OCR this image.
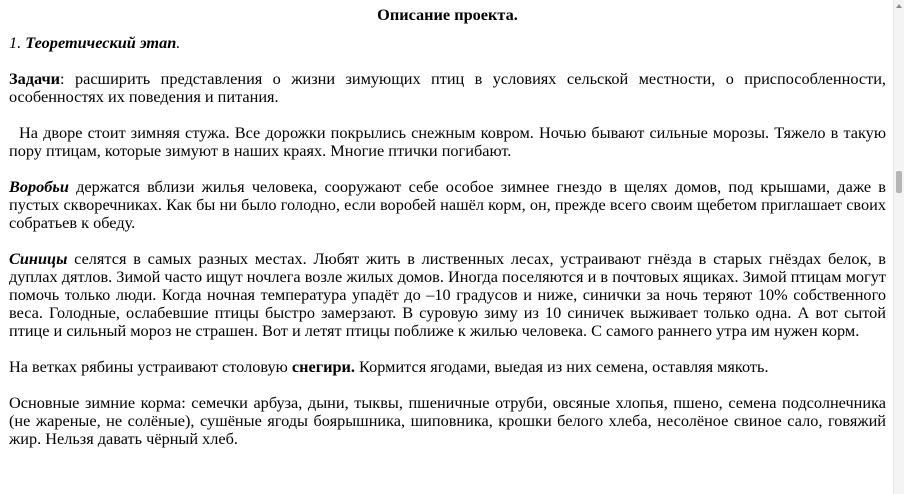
Описание проекта.
1. Теоретический этап.

Задачи: расширить представления о жизни зимующих птиц в условиях сельской местности, о приспособленности, особенностях их поведения и питания.

На дворе стоит зимняя стужа. Все дорожки покрылись снежным ковром. Ночью бывают сильные морозы. Тяжело в такую пору птицам, которые зимуют в наших краях. Многие птички погибают.

Воробьи держатся вблизи жилья человека, сооружают себе особое зимнее гнездо в щелях домов, под крышами, даже в пустых скворечниках. Как бы ни было голодно, если воробей нашёл корм, он, прежде всего своим щебетом приглашает своих собратьев к обеду.

Синицы селятся в самых разных местах. Любят жить в лиственных лесах, устраивают гнёзда в старых гнёздах белок, в дуплах дятлов. Зимой часто ищут ночлега возле жилых домов. Иногда поселяются и в почтовых ящиках. Зимой птицам могут помочь только люди. Когда ночная температура упадёт до –10 градусов и ниже, синички за ночь теряют 10% собственного веса. Голодные, ослабевшие птицы быстро замерзают. В суровую зиму из 10 синичек выживает только одна. А вот сытой птице и сильный мороз не страшен. Вот и летят птицы поближе к жилью человека. С самого раннего утра им нужен корм.

На ветках рябины устраивают столовую снегири. Кормится ягодами, выедая из них семена, оставляя мякоть.

Основные зимние корма: семечки арбуза, дыни, тыквы, пшеничные отруби, овсяные хлопья, пшено, семена подсолнечника (не жареные, не солёные), сушёные ягоды боярышника, шиповника, крошки белого хлеба, несолёное свиное сало, говяжий жир. Нельзя давать чёрный хлеб.
